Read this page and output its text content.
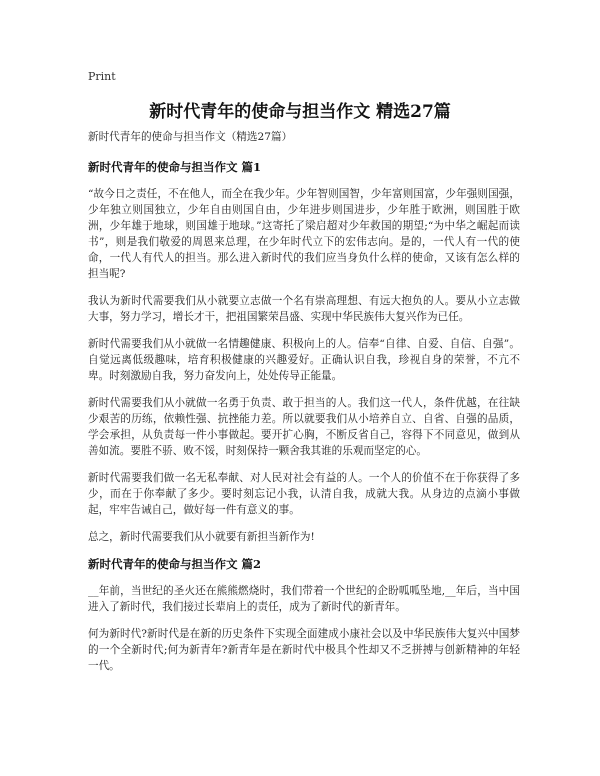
Print
新时代青年的使命与担当作文 精选27篇

新时代青年的使命与担当作文（精选27篇）

新时代青年的使命与担当作文 篇1

“故今日之责任，不在他人，而全在我少年。少年智则国智，少年富则国富，少年强则国强，少年独立则国独立，少年自由则国自由，少年进步则国进步，少年胜于欧洲，则国胜于欧洲，少年雄于地球，则国雄于地球。”这寄托了梁启超对少年救国的期望;“为中华之崛起而读书”，则是我们敬爱的周恩来总理，在少年时代立下的宏伟志向。是的，一代人有一代的使命，一代人有代人的担当。那么进入新时代的我们应当身负什么样的使命，又该有怎么样的担当呢?

我认为新时代需要我们从小就要立志做一个名有崇高理想、有远大抱负的人。要从小立志做大事，努力学习，增长才干，把祖国繁荣昌盛、实现中华民族伟大复兴作为已任。

新时代需要我们从小就做一名情趣健康、积极向上的人。信奉“自律、自爱、自信、自强”。自觉远离低级趣味，培育积极健康的兴趣爱好。正确认识自我，珍视自身的荣誉，不亢不卑。时刻激励自我，努力奋发向上，处处传导正能量。

新时代需要我们从小就做一名勇于负责、敢于担当的人。我们这一代人，条件优越，在往缺少艰苦的历练，依赖性强、抗挫能力差。所以就要我们从小培养自立、自省、自强的品质，学会承担，从负责每一件小事做起。要开扩心胸，不断反省自己，容得下不同意见，做到从善如流。要胜不骄、败不馁，时刻保持一颗舍我其谁的乐观而坚定的心。

新时代需要我们做一名无私奉献、对人民对社会有益的人。一个人的价值不在于你获得了多少，而在于你奉献了多少。要时刻忘记小我，认清自我，成就大我。从身边的点滴小事做起，牢牢告诫自己，做好每一件有意义的事。

总之，新时代需要我们从小就要有新担当新作为!

新时代青年的使命与担当作文 篇2

__年前，当世纪的圣火还在熊熊燃烧时，我们带着一个世纪的企盼呱呱坠地,__年后，当中国进入了新时代，我们接过长辈肩上的责任，成为了新时代的新青年。

何为新时代?新时代是在新的历史条件下实现全面建成小康社会以及中华民族伟大复兴中国梦的一个全新时代;何为新青年?新青年是在新时代中极具个性却又不乏拼搏与创新精神的年轻一代。
